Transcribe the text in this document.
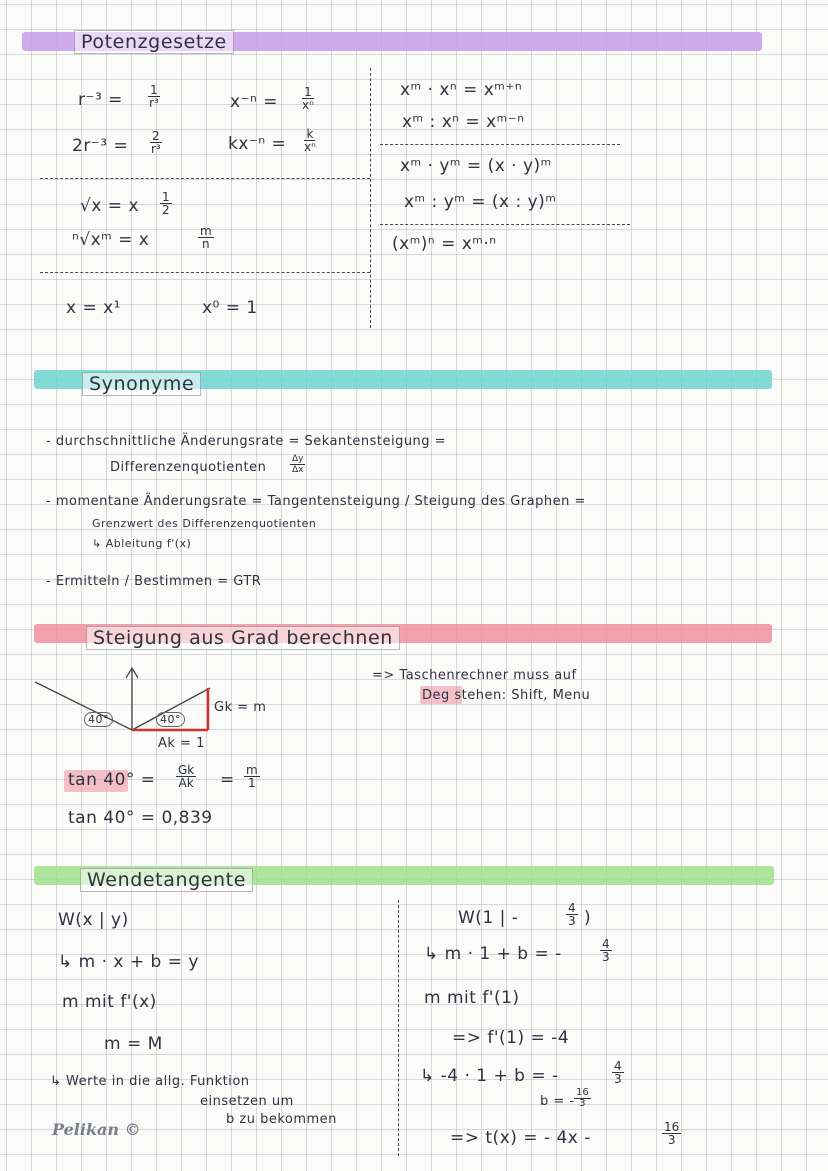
Potenzgesetze
$r^{-3} = \frac{1}{\text{r³}}$
$2r^{-3} = \frac{2}{\text{r³}}$
$x^{-n} = \frac{1}{\text{xⁿ}}$
$kx^{-n} = \frac{k}{\text{xⁿ}}$
√x = x $\frac{1}{2}$
ⁿ√xᵐ = x	$\frac{m}{n}$
x = x¹	x⁰ = 1
xᵐ · xⁿ = xᵐ⁺ⁿ
xᵐ : xⁿ = xᵐ⁻ⁿ
xᵐ · yᵐ = (x · y)ᵐ
xᵐ : yᵐ = (x : y)ᵐ
(xᵐ)ⁿ = xᵐ·ⁿ
Synonyme
- durchschnittliche Änderungsrate = Sekantensteigung =
Differenzenquotienten	$\frac{\Delta y}{\Delta x}$
- momentane Änderungsrate = Tangentensteigung / Steigung des Graphen =
Grenzwert des Differenzenquotienten
↳ Ableitung f'(x)
- Ermitteln / Bestimmen = GTR
Steigung aus Grad berechnen
40°	40°
Gk = m
Ak = 1
$\tan 40^\circ = \frac{Gk}{Ak} = \frac{m}{1}$
tan 40° = 0,839
=> Taschenrechner muss auf
Deg stehen: Shift, Menu
Wendetangente
W(x | y)
↳ m · x + b = y
m mit f'(x)
m = M
↳ Werte in die allg. Funktion
einsetzen um
b zu bekommen
W(1 | -	$\frac{4}{3}$ )
↳ m · 1 + b = -	$\frac{4}{3}$
m mit f'(1)
=> f'(1) = -4
↳ -4 · 1 + b = -	$\frac{4}{3}$
b = - $\frac{16}{3}$
=> t(x) = - 4x -	$\frac{16}{3}$
Pelikan ©
